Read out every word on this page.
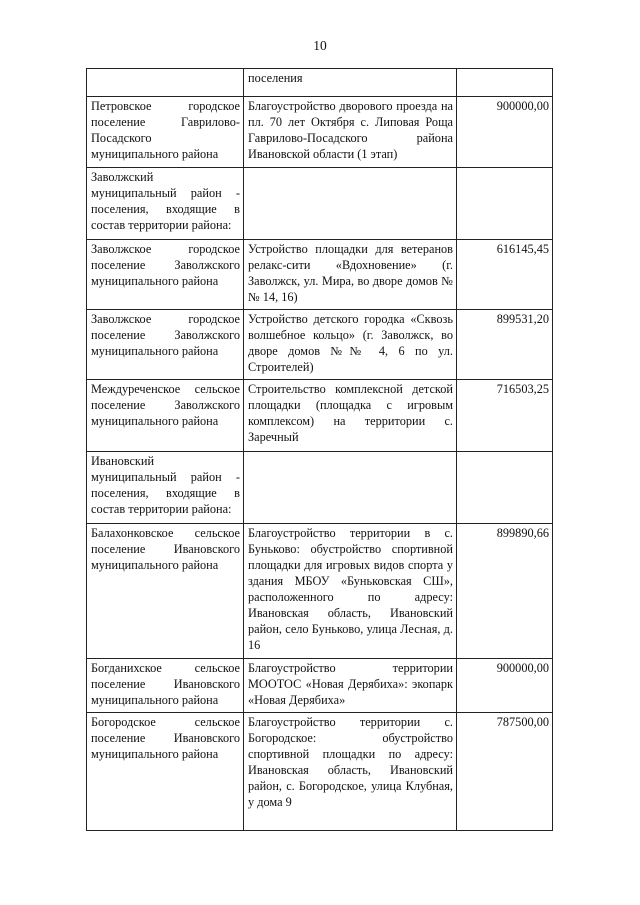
10
	поселения	
Петровское городское поселение Гаврилово-Посадского муниципального района	Благоустройство дворового проезда на пл. 70 лет Октября с. Липовая Роща Гаврилово-Посадского района Ивановской области (1 этап)	900000,00
Заволжский муниципальный район - поселения, входящие в состав территории района:		
Заволжское городское поселение Заволжского муниципального района	Устройство площадки для ветеранов релакс-сити «Вдохновение» (г. Заволжск, ул. Мира, во дворе домов №№ 14, 16)	616145,45
Заволжское городское поселение Заволжского муниципального района	Устройство детского городка «Сквозь волшебное кольцо» (г. Заволжск, во дворе домов №№ 4, 6 по ул. Строителей)	899531,20
Междуреченское сельское поселение Заволжского муниципального района	Строительство комплексной детской площадки (площадка с игровым комплексом) на территории с. Заречный	716503,25
Ивановский муниципальный район - поселения, входящие в состав территории района:		
Балахонковское сельское поселение Ивановского муниципального района	Благоустройство территории в с. Буньково: обустройство спортивной площадки для игровых видов спорта у здания МБОУ «Буньковская СШ», расположенного по адресу: Ивановская область, Ивановский район, село Буньково, улица Лесная, д. 16	899890,66
Богданихское сельское поселение Ивановского муниципального района	Благоустройство территории МООТОС «Новая Дерябиха»: экопарк «Новая Дерябиха»	900000,00
Богородское сельское поселение Ивановского муниципального района	Благоустройство территории с. Богородское: обустройство спортивной площадки по адресу: Ивановская область, Ивановский район, с. Богородское, улица Клубная, у дома 9	787500,00
